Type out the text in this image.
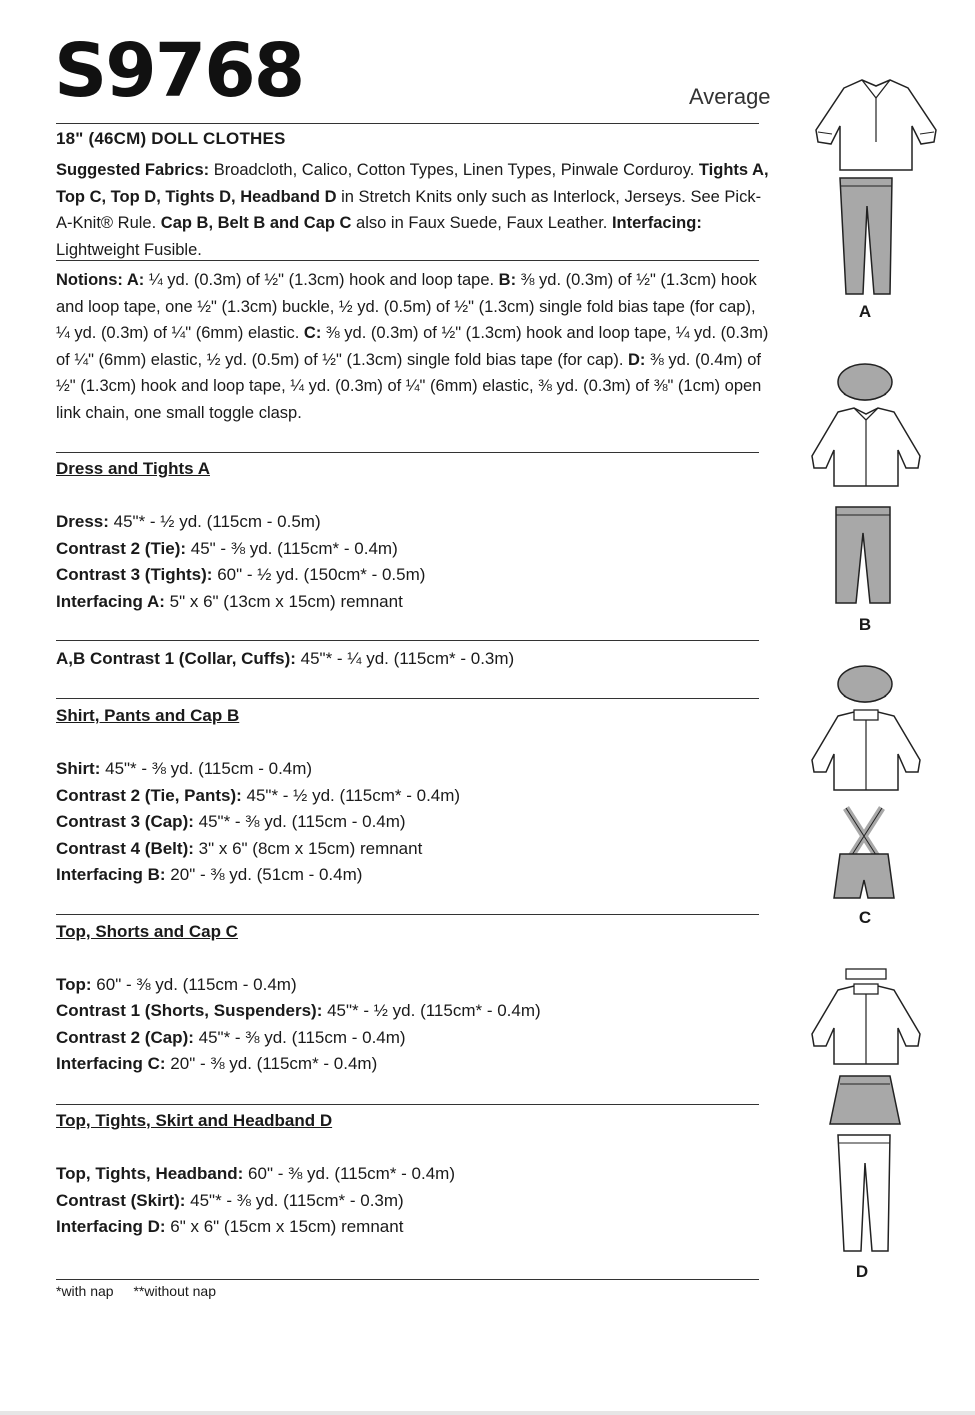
S9768	Average
18" (46CM) DOLL CLOTHES
Suggested Fabrics: Broadcloth, Calico, Cotton Types, Linen Types, Pinwale Corduroy. Tights A, Top C, Top D, Tights D, Headband D in Stretch Knits only such as Interlock, Jerseys. See Pick-A-Knit® Rule. Cap B, Belt B and Cap C also in Faux Suede, Faux Leather. Interfacing: Lightweight Fusible.
Notions: A: ¼ yd. (0.3m) of ½" (1.3cm) hook and loop tape. B: ⅜ yd. (0.3m) of ½" (1.3cm) hook and loop tape, one ½" (1.3cm) buckle, ½ yd. (0.5m) of ½" (1.3cm) single fold bias tape (for cap), ¼ yd. (0.3m) of ¼" (6mm) elastic. C: ⅜ yd. (0.3m) of ½" (1.3cm) hook and loop tape, ¼ yd. (0.3m) of ¼" (6mm) elastic, ½ yd. (0.5m) of ½" (1.3cm) single fold bias tape (for cap). D: ⅜ yd. (0.4m) of ½" (1.3cm) hook and loop tape, ¼ yd. (0.3m) of ¼" (6mm) elastic, ⅜ yd. (0.3m) of ⅜" (1cm) open link chain, one small toggle clasp.
Dress and Tights A
Dress: 45"* - ½ yd. (115cm - 0.5m)
Contrast 2 (Tie): 45" - ⅜ yd. (115cm* - 0.4m)
Contrast 3 (Tights): 60" - ½ yd. (150cm* - 0.5m)
Interfacing A: 5" x 6" (13cm x 15cm) remnant
A,B Contrast 1 (Collar, Cuffs): 45"* - ¼ yd. (115cm* - 0.3m)
Shirt, Pants and Cap B
Shirt: 45"* - ⅜ yd. (115cm - 0.4m)
Contrast 2 (Tie, Pants): 45"* - ½ yd. (115cm* - 0.4m)
Contrast 3 (Cap): 45"* - ⅜ yd. (115cm - 0.4m)
Contrast 4 (Belt): 3" x 6" (8cm x 15cm) remnant
Interfacing B: 20" - ⅜ yd. (51cm - 0.4m)
Top, Shorts and Cap C
Top: 60" - ⅜ yd. (115cm - 0.4m)
Contrast 1 (Shorts, Suspenders): 45"* - ½ yd. (115cm* - 0.4m)
Contrast 2 (Cap): 45"* - ⅜ yd. (115cm - 0.4m)
Interfacing C: 20" - ⅜ yd. (115cm* - 0.4m)
Top, Tights, Skirt and Headband D
Top, Tights, Headband: 60" - ⅜ yd. (115cm* - 0.4m)
Contrast (Skirt): 45"* - ⅜ yd. (115cm* - 0.3m)
Interfacing D: 6" x 6" (15cm x 15cm) remnant
*with nap **without nap
A
B
C
D
